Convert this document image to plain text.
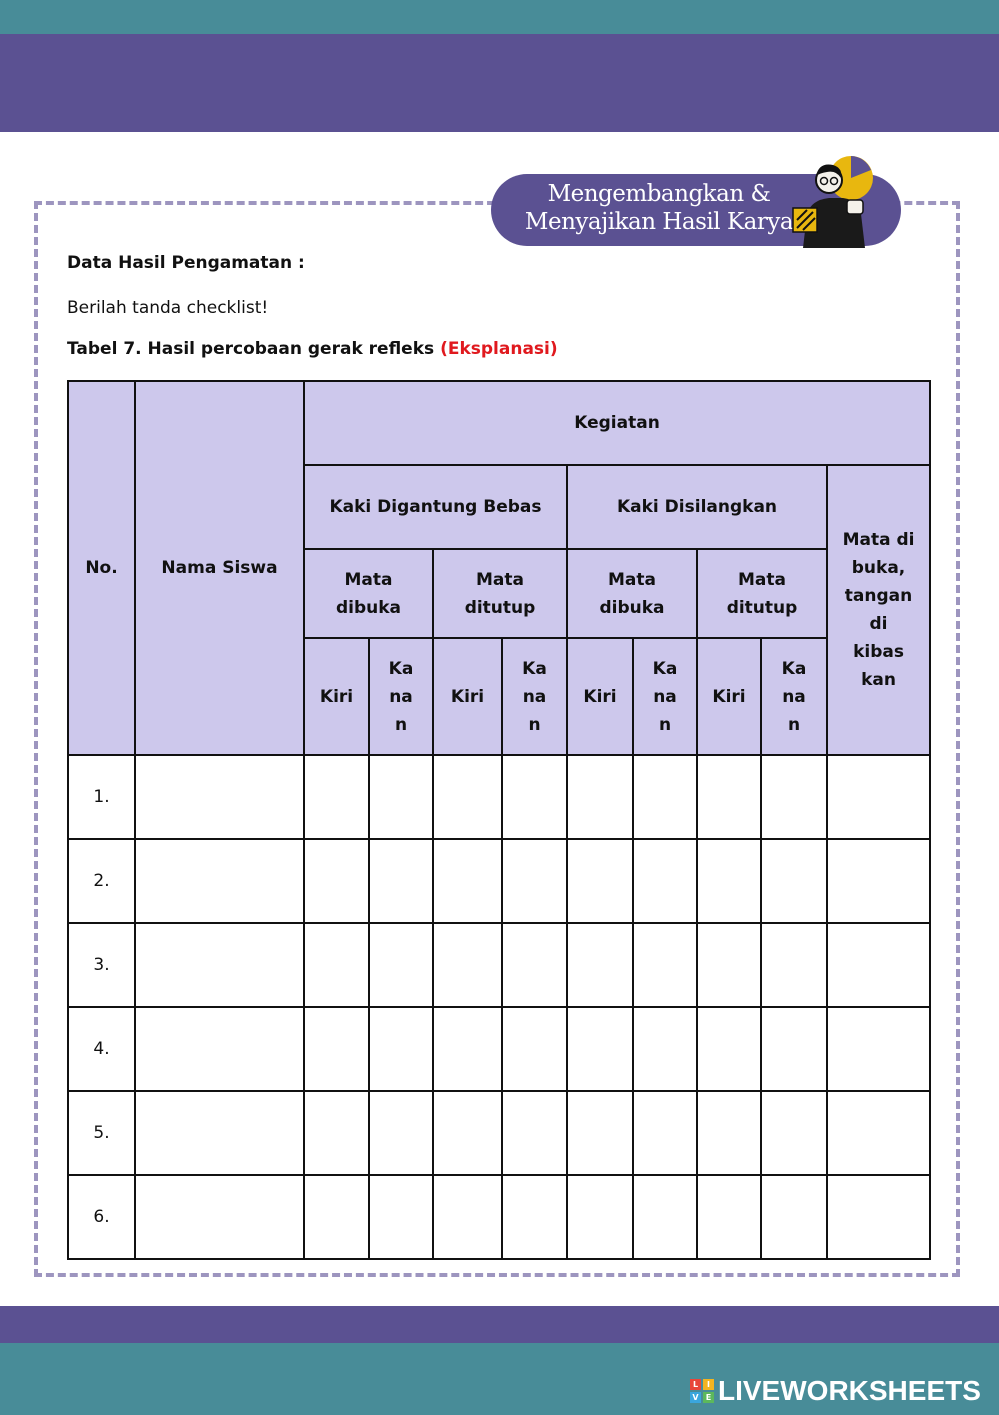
Mengembangkan &
Menyajikan Hasil Karya
Data Hasil Pengamatan :
Berilah tanda checklist!
Tabel 7. Hasil percobaan gerak refleks (Eksplanasi)
No.	Nama Siswa	Kegiatan								
		Kaki Digantung Bebas				Kaki Disilangkan				Mata di buka, tangan di kibas kan
		Mata dibuka		Mata ditutup		Mata dibuka		Mata ditutup		
		Kiri	Kanan	Kiri	Kanan	Kiri	Kanan	Kiri	Kanan	
1.										
2.										
3.										
4.										
5.										
6.										
L	I
V E LIVEWORKSHEETS
